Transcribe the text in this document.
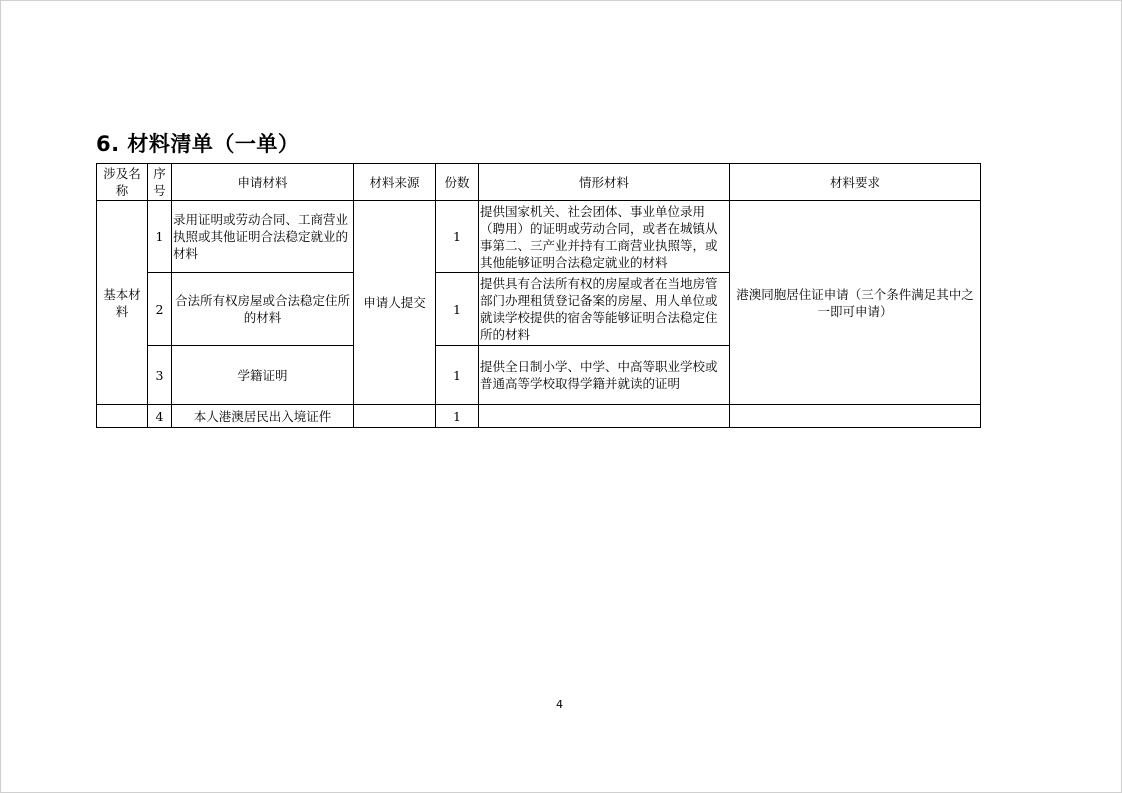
6. 材料清单（一单）
涉及名称	序号	申请材料	材料来源	份数	情形材料	材料要求
基本材料	1	录用证明或劳动合同、工商营业执照或其他证明合法稳定就业的材料	申请人提交	1	提供国家机关、社会团体、事业单位录用（聘用）的证明或劳动合同，或者在城镇从事第二、三产业并持有工商营业执照等，或其他能够证明合法稳定就业的材料	港澳同胞居住证申请（三个条件满足其中之一即可申请）
	2	合法所有权房屋或合法稳定住所的材料		1	提供具有合法所有权的房屋或者在当地房管部门办理租赁登记备案的房屋、用人单位或就读学校提供的宿舍等能够证明合法稳定住所的材料	
	3	学籍证明		1	提供全日制小学、中学、中高等职业学校或普通高等学校取得学籍并就读的证明	
	4	本人港澳居民出入境证件		1		
4
